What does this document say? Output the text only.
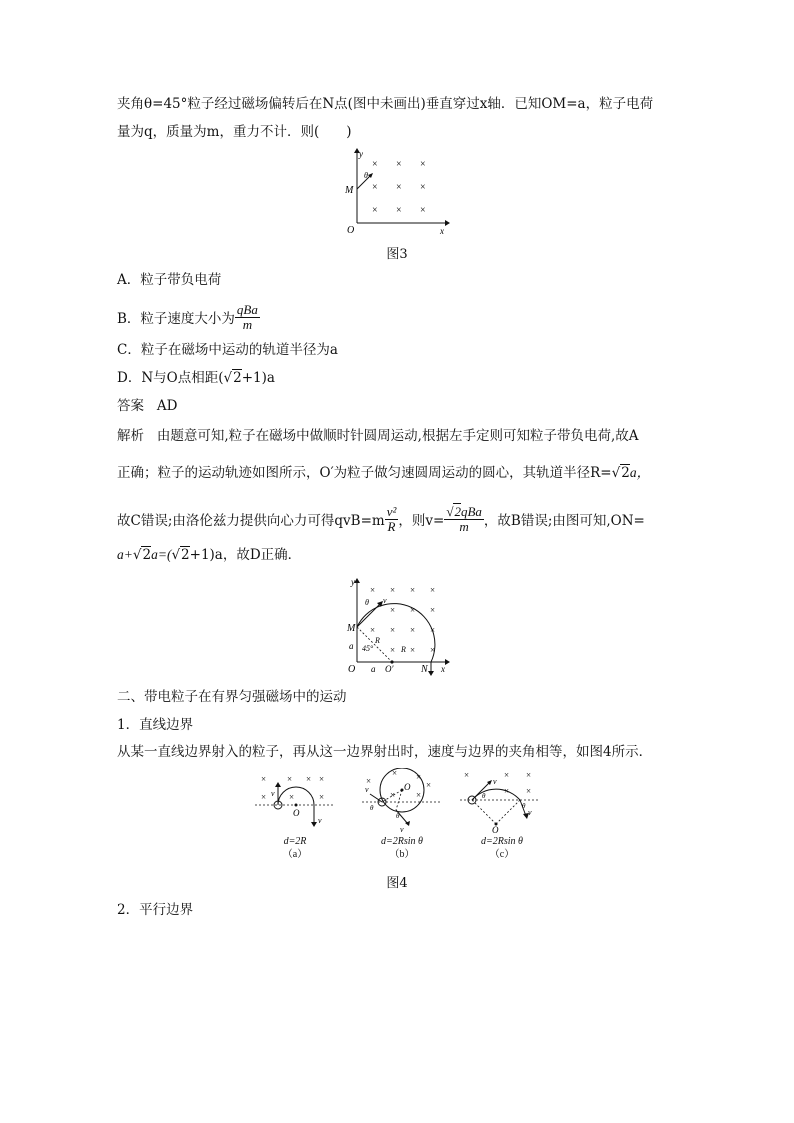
夹角θ=45°粒子经过磁场偏转后在N点(图中未画出)垂直穿过x轴．已知OM=a，粒子电荷
量为q，质量为m，重力不计．则(　　)
y
x
O
M
θ
× × ×
× × ×
× × ×
图3
A．粒子带负电荷
B．粒子速度大小为 $\frac{\text{qBa}}{m}$
C．粒子在磁场中运动的轨道半径为a
D．N与O点相距(√2+1)a
答案 AD
解析 由题意可知,粒子在磁场中做顺时针圆周运动,根据左手定则可知粒子带负电荷,故A
正确；粒子的运动轨迹如图所示，O′为粒子做匀速圆周运动的圆心，其轨道半径R=√2a，
故C错误;由洛伦兹力提供向心力可得$qvB=m \frac{\text{v²}}{R}$ ，则$v= \frac{\text{√2qBa}}{m}$ ，故B错误;由图可知,ON=
a+√2a=(√2+1)a，故D正确．
y
x
O
M
a
a O′	N
θ v
R
R
45°
× × × ×
× × ×
× × × ×
× × ×
二、带电粒子在有界匀强磁场中的运动
1．直线边界
从某一直线边界射入的粒子，再从这一边界射出时，速度与边界的夹角相等，如图4所示．
v
v
O
× × × ×
×	×	×
d=2R
（a）
O
v
v
θ
θ
×
× ×
× ×
×
d=2Rsin θ
（b）
O
v
v
θ
θ
×	× ×
× ×
d=2Rsin θ
（c）
图4
2．平行边界
